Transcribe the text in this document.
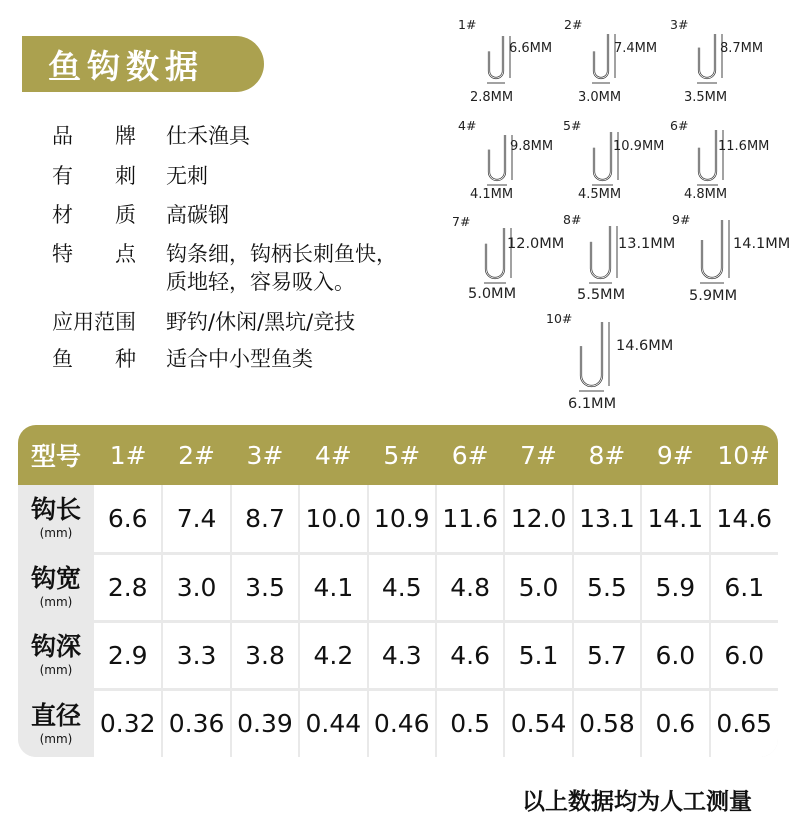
鱼钩数据
品　　牌 仕禾渔具
有　　刺 无刺
材　　质 高碳钢
特　　点 钩条细，钩柄长刺鱼快，
质地轻，容易吸入。
应用范围 野钓/休闲/黑坑/竞技
鱼　　种 适合中小型鱼类
1#
6.6MM
2.8MM
2#
7.4MM
3.0MM
3#
8.7MM
3.5MM
4#
9.8MM
4.1MM
5#
10.9MM
4.5MM
6#
11.6MM
4.8MM
7#
12.0MM
5.0MM
8#
13.1MM
5.5MM
9#
14.1MM
5.9MM
10#
14.6MM
6.1MM
型号	1#	2#	3#	4#	5#	6#	7#	8#	9#	10#

钩长
(mm)	6.6	7.4	8.7	10.0	10.9	11.6	12.0	13.1	14.1	14.6

钩宽
(mm)	2.8	3.0	3.5	4.1	4.5	4.8	5.0	5.5	5.9	6.1

钩深
(mm)	2.9	3.3	3.8	4.2	4.3	4.6	5.1	5.7	6.0	6.0

直径
(mm)	0.32	0.36	0.39	0.44	0.46	0.5	0.54	0.58	0.6	0.65
以上数据均为人工测量
